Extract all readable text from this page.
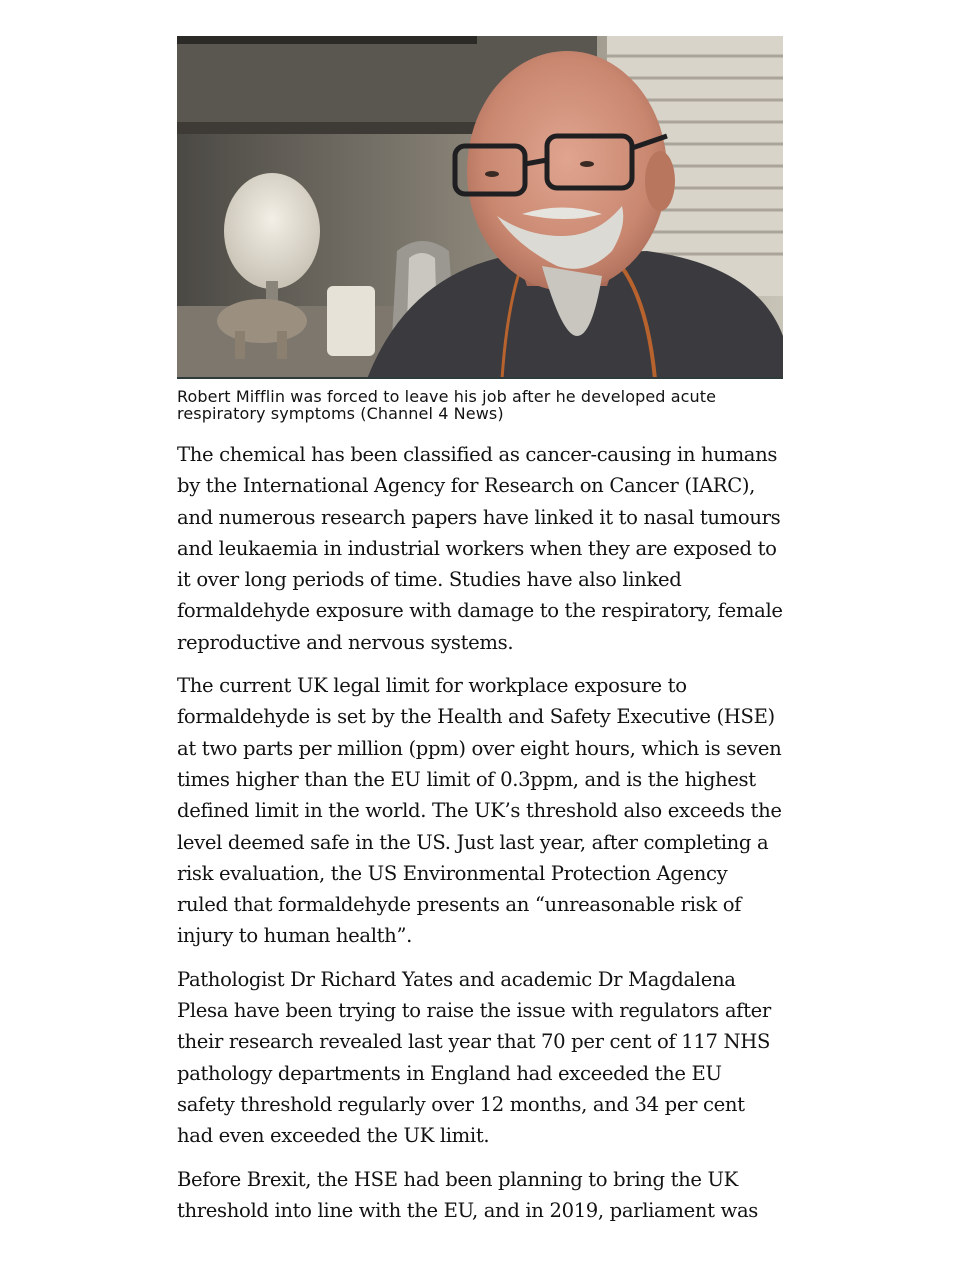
Robert Mifflin was forced to leave his job after he developed acute respiratory symptoms (Channel 4 News)

The chemical has been classified as cancer-causing in humans by the International Agency for Research on Cancer (IARC), and numerous research papers have linked it to nasal tumours and leukaemia in industrial workers when they are exposed to it over long periods of time. Studies have also linked formaldehyde exposure with damage to the respiratory, female reproductive and nervous systems.

The current UK legal limit for workplace exposure to formaldehyde is set by the Health and Safety Executive (HSE) at two parts per million (ppm) over eight hours, which is seven times higher than the EU limit of 0.3ppm, and is the highest defined limit in the world. The UK’s threshold also exceeds the level deemed safe in the US. Just last year, after completing a risk evaluation, the US Environmental Protection Agency ruled that formaldehyde presents an “unreasonable risk of injury to human health”.

Pathologist Dr Richard Yates and academic Dr Magdalena Plesa have been trying to raise the issue with regulators after their research revealed last year that 70 per cent of 117 NHS pathology departments in England had exceeded the EU safety threshold regularly over 12 months, and 34 per cent had even exceeded the UK limit.

Before Brexit, the HSE had been planning to bring the UK threshold into line with the EU, and in 2019, parliament was
